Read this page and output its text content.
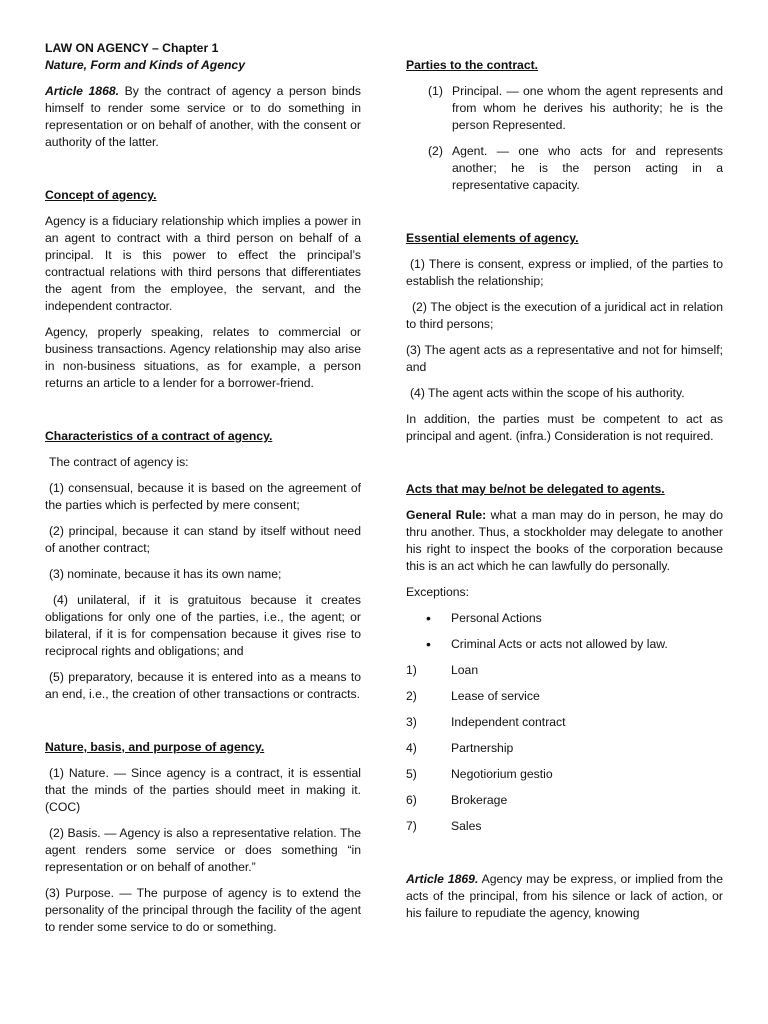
LAW ON AGENCY – Chapter 1

Nature, Form and Kinds of Agency

Article 1868. By the contract of agency a person binds himself to render some service or to do something in representation or on behalf of another, with the consent or authority of the latter.

Concept of agency.

Agency is a fiduciary relationship which implies a power in an agent to contract with a third person on behalf of a principal. It is this power to effect the principal’s contractual relations with third persons that differentiates the agent from the employee, the servant, and the independent contractor.

Agency, properly speaking, relates to commercial or business transactions. Agency relationship may also arise in non-business situations, as for example, a person returns an article to a lender for a borrower-friend.

Characteristics of a contract of agency.

The contract of agency is:

(1) consensual, because it is based on the agreement of the parties which is perfected by mere consent;

(2) principal, because it can stand by itself without need of another contract;

(3) nominate, because it has its own name;

(4) unilateral, if it is gratuitous because it creates obligations for only one of the parties, i.e., the agent; or bilateral, if it is for compensation because it gives rise to reciprocal rights and obligations; and

(5) preparatory, because it is entered into as a means to an end, i.e., the creation of other transactions or contracts.

Nature, basis, and purpose of agency.

(1) Nature. — Since agency is a contract, it is essential that the minds of the parties should meet in making it. (COC)

(2) Basis. — Agency is also a representative relation. The agent renders some service or does something “in representation or on behalf of another.”

(3) Purpose. — The purpose of agency is to extend the personality of the principal through the facility of the agent to render some service to do or something.

Parties to the contract.

(1) Principal. — one whom the agent represents and from whom he derives his authority; he is the person Represented.
(2) Agent. — one who acts for and represents another; he is the person acting in a representative capacity.

Essential elements of agency.

(1) There is consent, express or implied, of the parties to establish the relationship;

(2) The object is the execution of a juridical act in relation to third persons;

(3) The agent acts as a representative and not for himself; and

(4) The agent acts within the scope of his authority.

In addition, the parties must be competent to act as principal and agent. (infra.) Consideration is not required.

Acts that may be/not be delegated to agents.

General Rule: what a man may do in person, he may do thru another. Thus, a stockholder may delegate to another his right to inspect the books of the corporation because this is an act which he can lawfully do personally.

Exceptions:

•	Personal Actions
•	Criminal Acts or acts not allowed by law.
1)	Loan
2)	Lease of service
3)	Independent contract
4)	Partnership
5)	Negotiorium gestio
6)	Brokerage
7)	Sales

Article 1869. Agency may be express, or implied from the acts of the principal, from his silence or lack of action, or his failure to repudiate the agency, knowing
